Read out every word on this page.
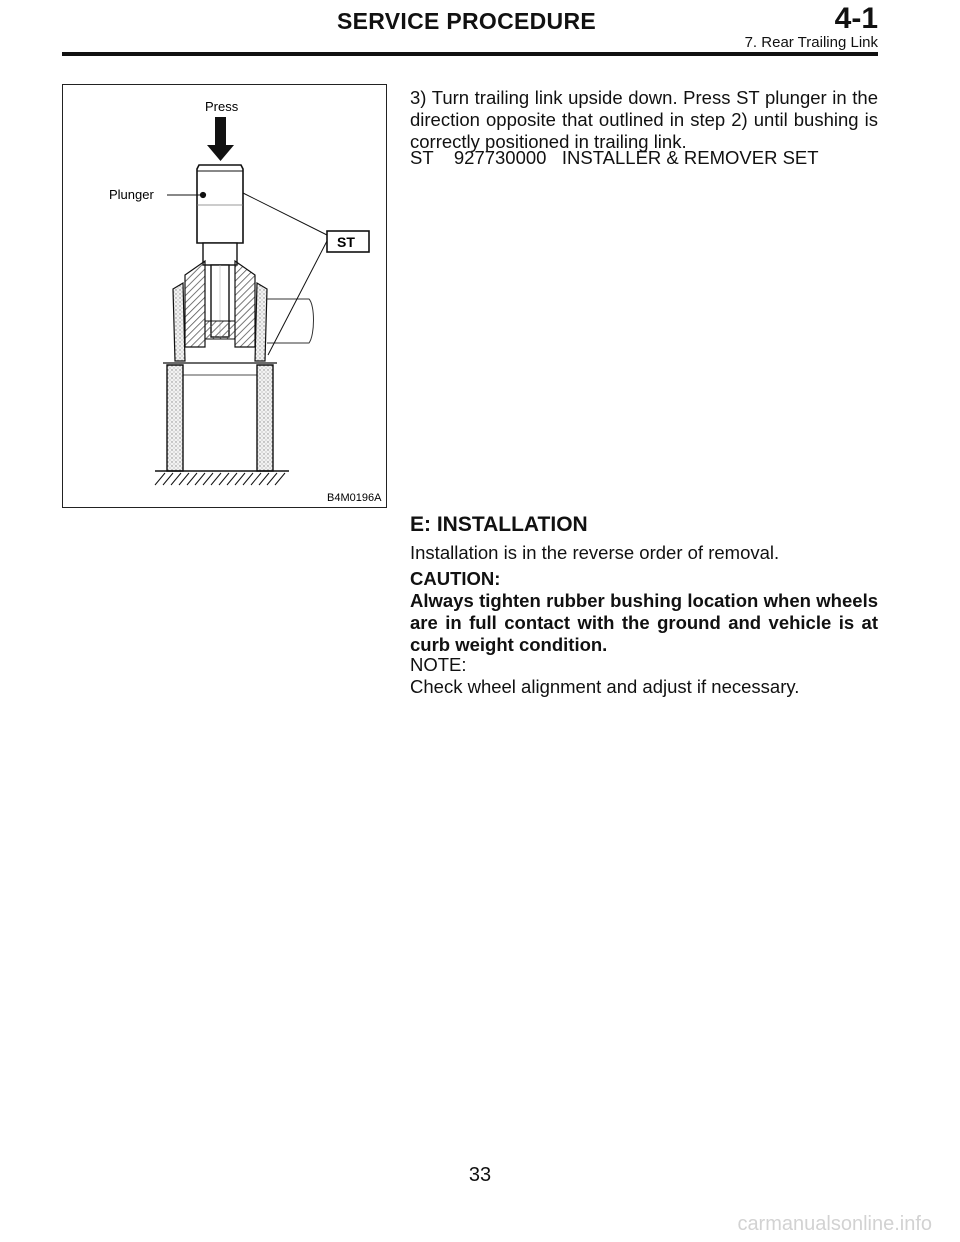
SERVICE PROCEDURE	4-1
7. Rear Trailing Link
Press
Plunger
ST
B4M0196A
3) Turn trailing link upside down. Press ST plunger in the direction opposite that outlined in step 2) until bushing is correctly positioned in trailing link.
ST    927730000   INSTALLER & REMOVER SET
E: INSTALLATION
Installation is in the reverse order of removal.
CAUTION:
Always tighten rubber bushing location when wheels are in full contact with the ground and vehicle is at curb weight condition.
NOTE:
Check wheel alignment and adjust if necessary.
33
carmanualsonline.info
